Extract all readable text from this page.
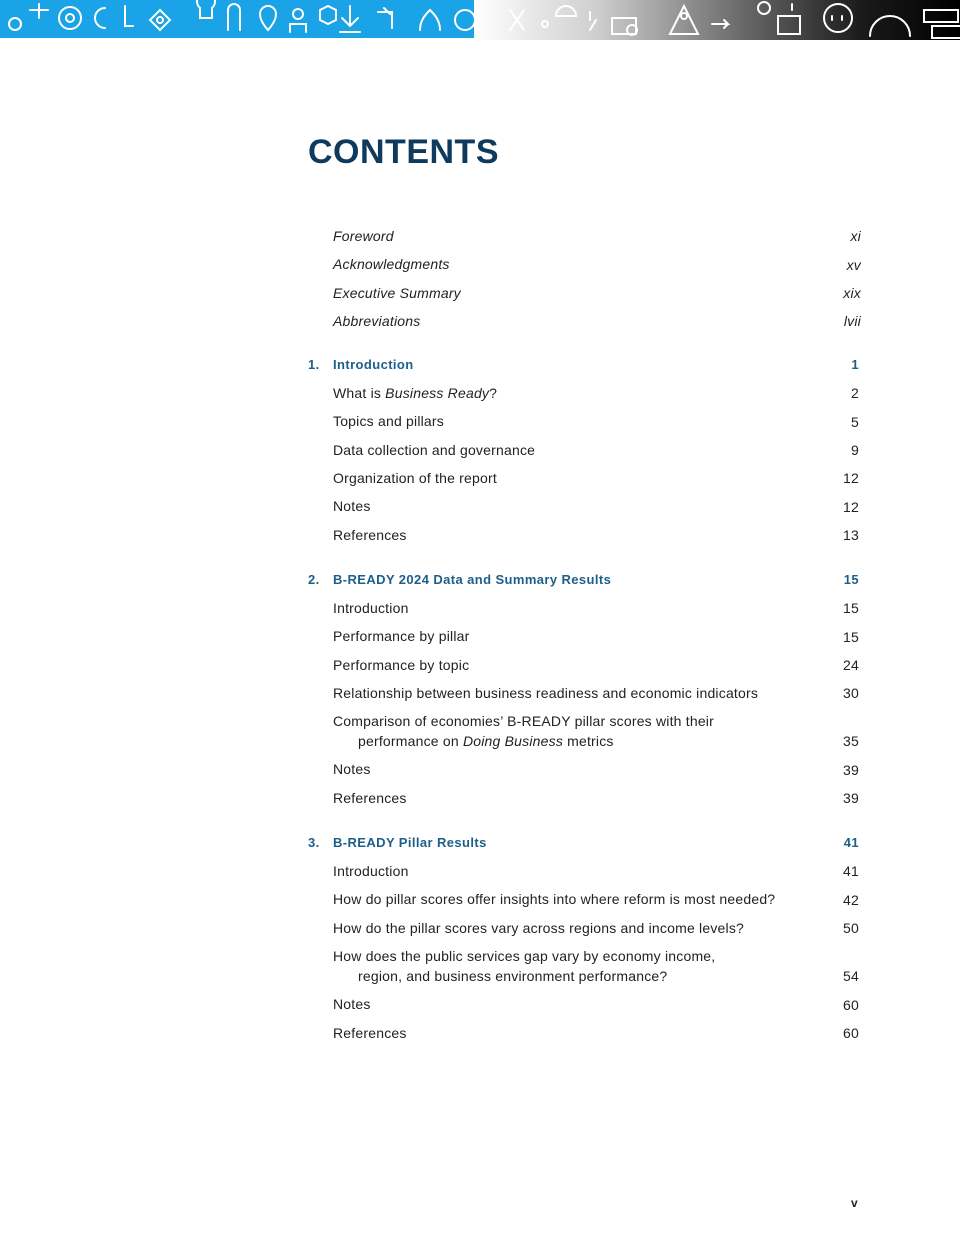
CONTENTS
Foreword	xi
Acknowledgments	xv
Executive Summary	xix
Abbreviations	lvii
1.	Introduction	1
What is Business Ready?	2
Topics and pillars	5
Data collection and governance	9
Organization of the report	12
Notes	12
References	13
2.	B-READY 2024 Data and Summary Results	15
Introduction	15
Performance by pillar	15
Performance by topic	24
Relationship between business readiness and economic indicators	30
Comparison of economies’ B-READY pillar scores with their
performance on Doing Business metrics	35
Notes	39
References	39
3.	B-READY Pillar Results	41
Introduction	41
How do pillar scores offer insights into where reform is most needed?	42
How do the pillar scores vary across regions and income levels?	50
How does the public services gap vary by economy income,
region, and business environment performance?	54
Notes	60
References	60
v
